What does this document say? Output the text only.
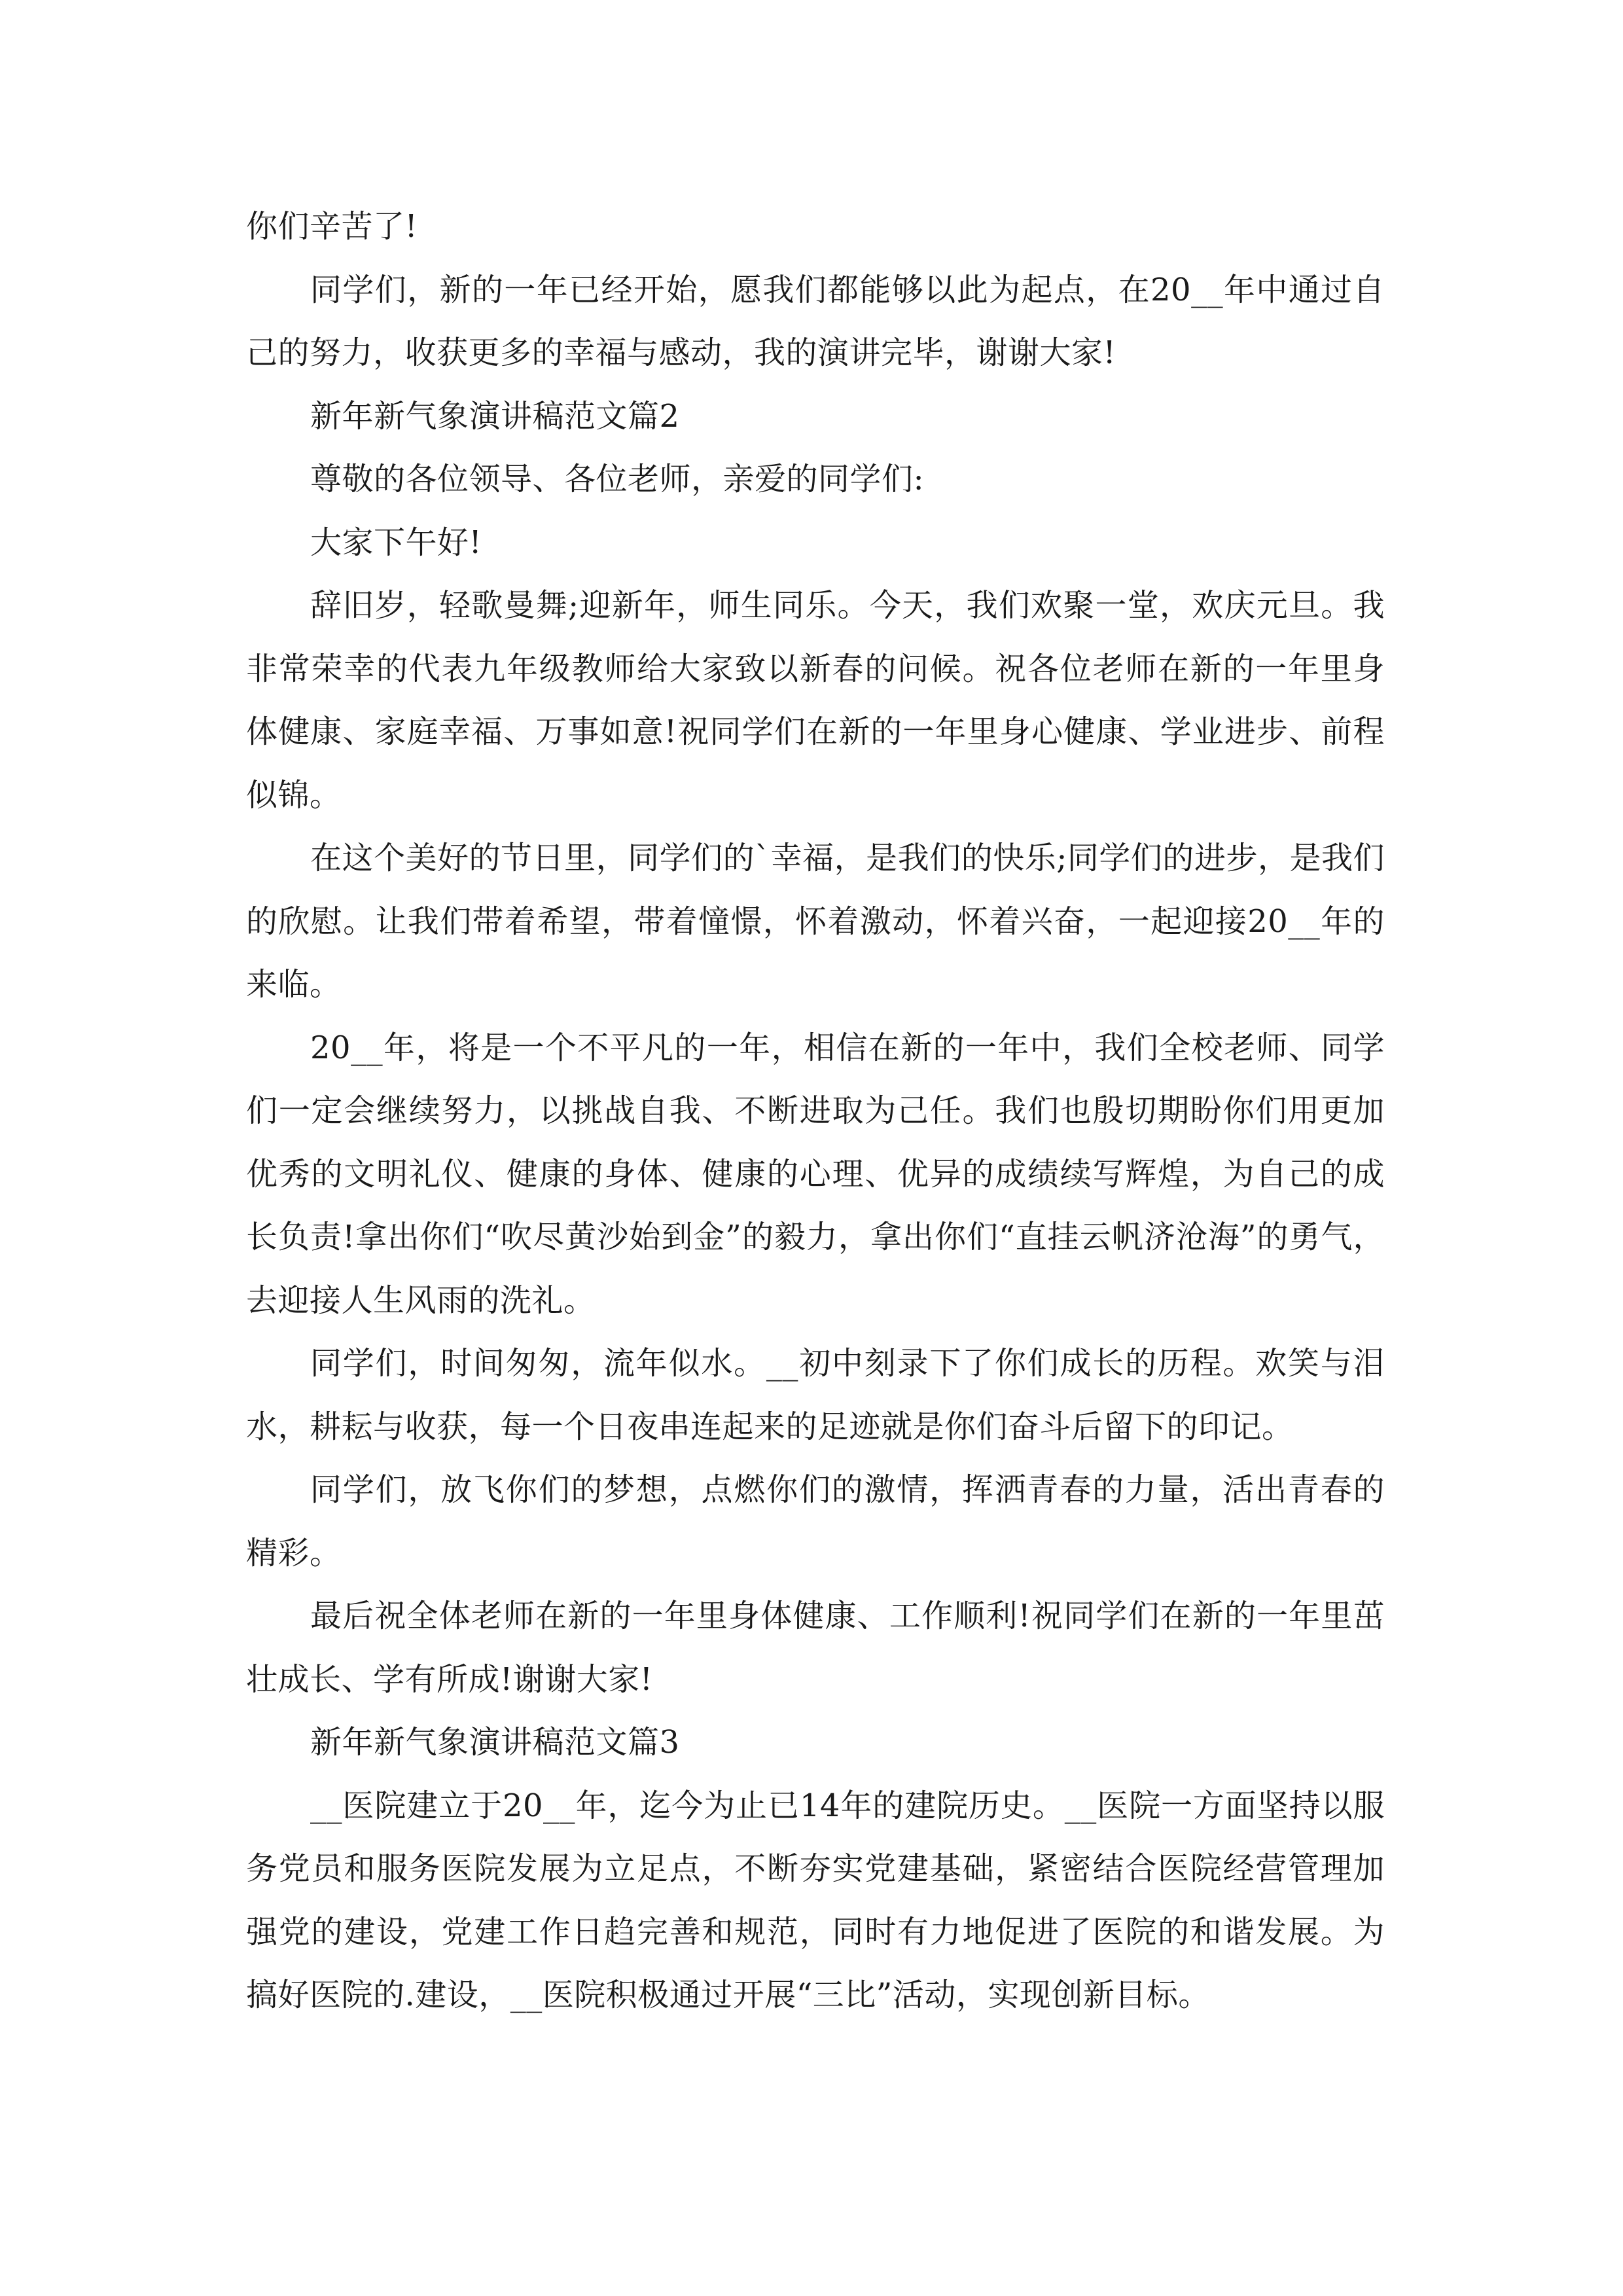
你们辛苦了!

同学们，新的一年已经开始，愿我们都能够以此为起点，在20__年中通过自己的努力，收获更多的幸福与感动，我的演讲完毕，谢谢大家!

新年新气象演讲稿范文篇2

尊敬的各位领导、各位老师，亲爱的同学们:

大家下午好!

辞旧岁，轻歌曼舞;迎新年，师生同乐。今天，我们欢聚一堂，欢庆元旦。我非常荣幸的代表九年级教师给大家致以新春的问候。祝各位老师在新的一年里身体健康、家庭幸福、万事如意!祝同学们在新的一年里身心健康、学业进步、前程似锦。

在这个美好的节日里，同学们的`幸福，是我们的快乐;同学们的进步，是我们的欣慰。让我们带着希望，带着憧憬，怀着激动，怀着兴奋，一起迎接20__年的来临。

20__年，将是一个不平凡的一年，相信在新的一年中，我们全校老师、同学们一定会继续努力，以挑战自我、不断进取为己任。我们也殷切期盼你们用更加优秀的文明礼仪、健康的身体、健康的心理、优异的成绩续写辉煌，为自己的成长负责!拿出你们“吹尽黄沙始到金”的毅力，拿出你们“直挂云帆济沧海”的勇气，去迎接人生风雨的洗礼。

同学们，时间匆匆，流年似水。__初中刻录下了你们成长的历程。欢笑与泪水，耕耘与收获，每一个日夜串连起来的足迹就是你们奋斗后留下的印记。

同学们，放飞你们的梦想，点燃你们的激情，挥洒青春的力量，活出青春的精彩。

最后祝全体老师在新的一年里身体健康、工作顺利!祝同学们在新的一年里茁壮成长、学有所成!谢谢大家!

新年新气象演讲稿范文篇3

__医院建立于20__年，迄今为止已14年的建院历史。__医院一方面坚持以服务党员和服务医院发展为立足点，不断夯实党建基础，紧密结合医院经营管理加强党的建设，党建工作日趋完善和规范，同时有力地促进了医院的和谐发展。为搞好医院的.建设，__医院积极通过开展“三比”活动，实现创新目标。
